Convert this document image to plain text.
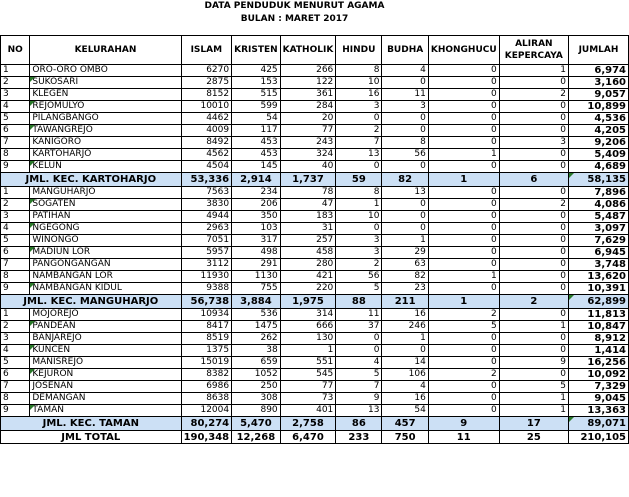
DATA PENDUDUK MENURUT AGAMA
BULAN : MARET 2017
NO	KELURAHAN	ISLAM	KRISTEN	KATHOLIK	HINDU	BUDHA	KHONGHUCU	ALIRAN KEPERCAYA	JUMLAH
1	ORO-ORO OMBO	6270	425	266	8	4	0	1	6,974
2	SUKOSARI	2875	153	122	10	0	0	0	3,160
3	KLEGEN	8152	515	361	16	11	0	2	9,057
4	REJOMULYO	10010	599	284	3	3	0	0	10,899
5	PILANGBANGO	4462	54	20	0	0	0	0	4,536
6	TAWANGREJO	4009	117	77	2	0	0	0	4,205
7	KANIGORO	8492	453	243	7	8	0	3	9,206
8	KARTOHARJO	4562	453	324	13	56	1	0	5,409
9	KELUN	4504	145	40	0	0	0	0	4,689
JML. KEC. KARTOHARJO		53,336	2,914	1,737	59	82	1	6	58,135
1	MANGUHARJO	7563	234	78	8	13	0	0	7,896
2	SOGATEN	3830	206	47	1	0	0	2	4,086
3	PATIHAN	4944	350	183	10	0	0	0	5,487
4	NGEGONG	2963	103	31	0	0	0	0	3,097
5	WINONGO	7051	317	257	3	1	0	0	7,629
6	MADIUN LOR	5957	498	458	3	29	0	0	6,945
7	PANGONGANGAN	3112	291	280	2	63	0	0	3,748
8	NAMBANGAN LOR	11930	1130	421	56	82	1	0	13,620
9	NAMBANGAN KIDUL	9388	755	220	5	23	0	0	10,391
JML. KEC. MANGUHARJO		56,738	3,884	1,975	88	211	1	2	62,899
1	MOJOREJO	10934	536	314	11	16	2	0	11,813
2	PANDEAN	8417	1475	666	37	246	5	1	10,847
3	BANJAREJO	8519	262	130	0	1	0	0	8,912
4	KUNCEN	1375	38	1	0	0	0	0	1,414
5	MANISREJO	15019	659	551	4	14	0	9	16,256
6	KEJURON	8382	1052	545	5	106	2	0	10,092
7	JOSENAN	6986	250	77	7	4	0	5	7,329
8	DEMANGAN	8638	308	73	9	16	0	1	9,045
9	TAMAN	12004	890	401	13	54	0	1	13,363
JML. KEC. TAMAN		80,274	5,470	2,758	86	457	9	17	89,071
JML TOTAL		190,348	12,268	6,470	233	750	11	25	210,105
